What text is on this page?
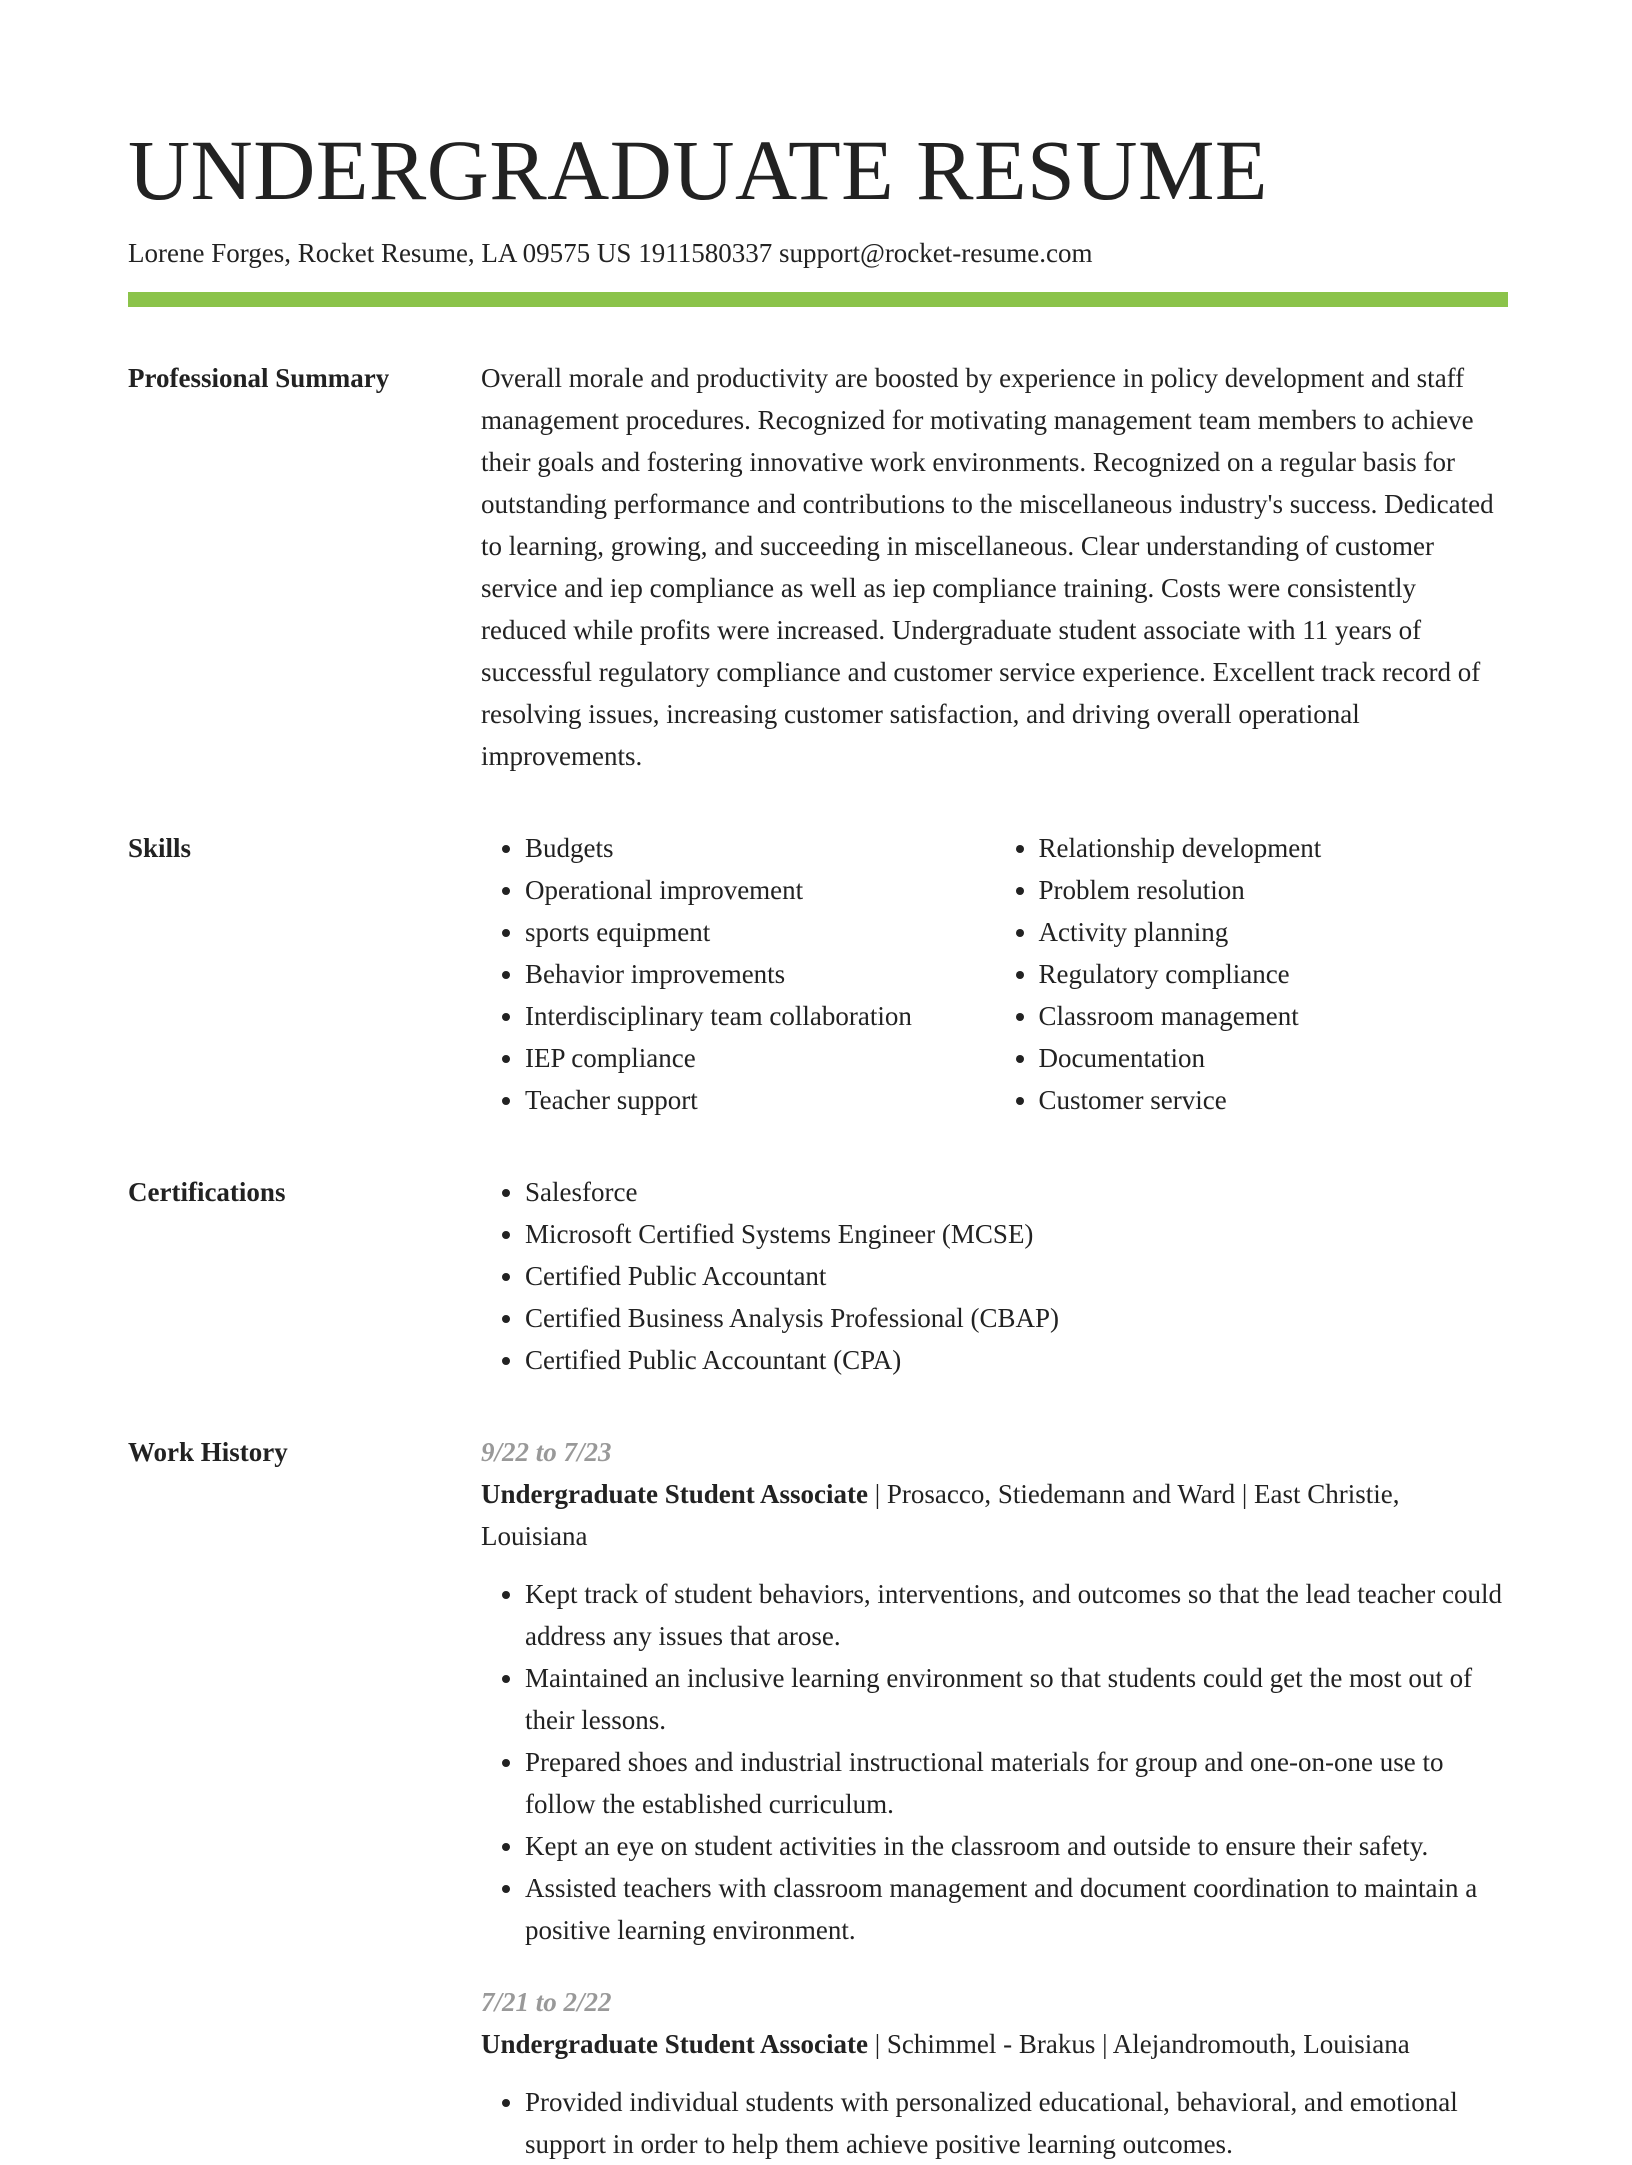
UNDERGRADUATE RESUME
Lorene Forges, Rocket Resume, LA 09575 US 1911580337 support@rocket-resume.com
Professional Summary	Overall morale and productivity are boosted by experience in policy development and staff management procedures. Recognized for motivating management team members to achieve their goals and fostering innovative work environments. Recognized on a regular basis for outstanding performance and contributions to the miscellaneous industry's success. Dedicated to learning, growing, and succeeding in miscellaneous. Clear understanding of customer service and iep compliance as well as iep compliance training. Costs were consistently reduced while profits were increased. Undergraduate student associate with 11 years of successful regulatory compliance and customer service experience. Excellent track record of resolving issues, increasing customer satisfaction, and driving overall operational improvements.

Skills	• Budgets
• Operational improvement
• sports equipment
• Behavior improvements
• Interdisciplinary team collaboration
• IEP compliance
• Teacher support
• Relationship development
• Problem resolution
• Activity planning
• Regulatory compliance
• Classroom management
• Documentation
• Customer service
Certifications	• Salesforce
• Microsoft Certified Systems Engineer (MCSE)
• Certified Public Accountant
• Certified Business Analysis Professional (CBAP)
• Certified Public Accountant (CPA)
Work History	9/22 to 7/23
Undergraduate Student Associate | Prosacco, Stiedemann and Ward | East Christie, Louisiana
• Kept track of student behaviors, interventions, and outcomes so that the lead teacher could address any issues that arose.
• Maintained an inclusive learning environment so that students could get the most out of their lessons.
• Prepared shoes and industrial instructional materials for group and one-on-one use to follow the established curriculum.
• Kept an eye on student activities in the classroom and outside to ensure their safety.
• Assisted teachers with classroom management and document coordination to maintain a positive learning environment.
7/21 to 2/22
Undergraduate Student Associate | Schimmel - Brakus | Alejandromouth, Louisiana
• Provided individual students with personalized educational, behavioral, and emotional support in order to help them achieve positive learning outcomes.
